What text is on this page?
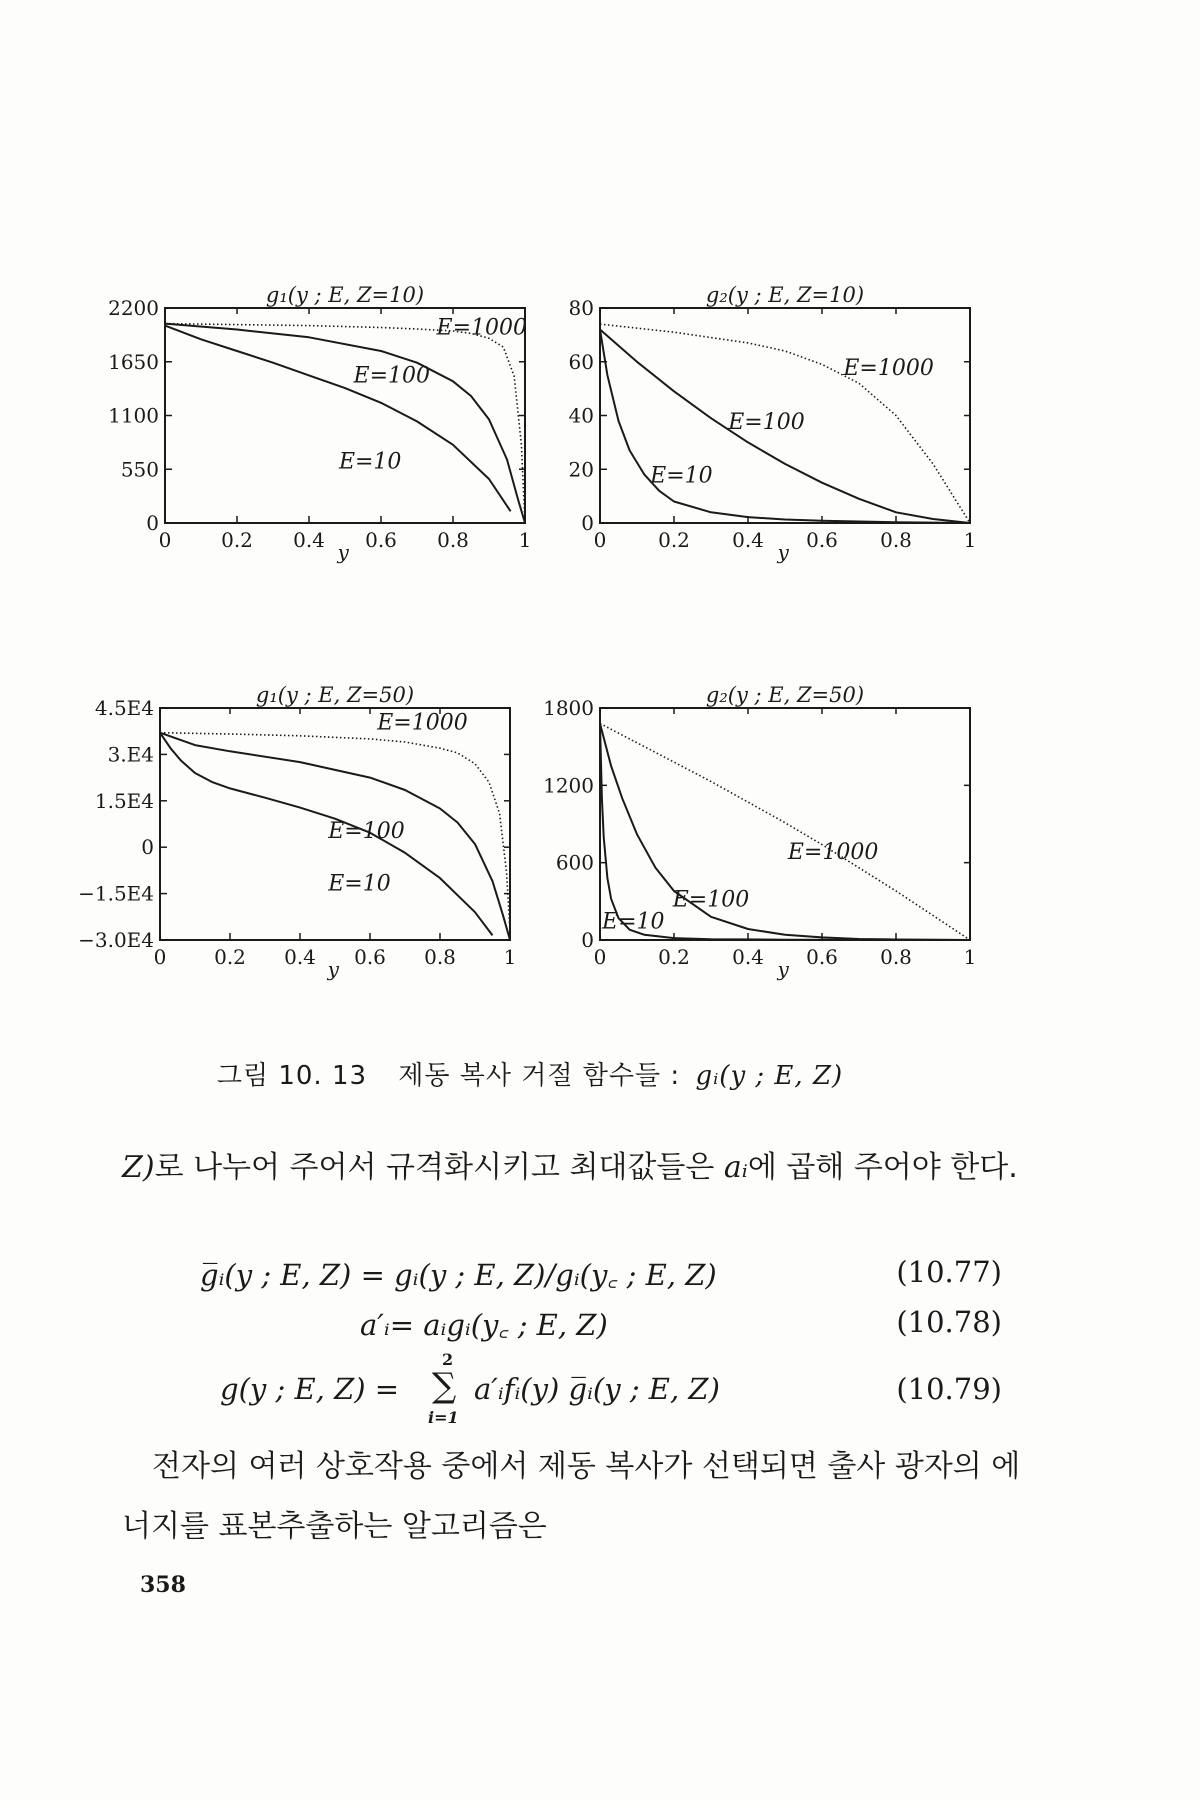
g₁(y ; E, Z=10)
0 0.2 0.4 0.6 0.8 1
y
0
550
1100
1650
2200
E=1000
E=100
E=10
g₂(y ; E, Z=10)
0	0.2 0.4 0.6 0.8	1
y
0
20
40
60
80
E=1000
E=100
E=10
g₁(y ; E, Z=50)
0 0.2 0.4 0.6 0.8 1
y
−3.0E4
−1.5E4
0
1.5E4
3.E4
4.5E4
E=1000
E=100
E=10
g₂(y ; E, Z=50)
0	0.2 0.4 0.6 0.8	1
y
0
600
1200
1800
E=1000
E=100
E=10
그림 10. 13 제동 복사 거절 함수들 : gᵢ(y ; E, Z)
Z)로 나누어 주어서 규격화시키고 최대값들은 aᵢ에 곱해 주어야 한다.
g̅ᵢ(y ; E, Z) = gᵢ(y ; E, Z)/gᵢ(y꜀ ; E, Z)	(10.77)
a′ᵢ= aᵢgᵢ(y꜀ ; E, Z)	(10.78)
g(y ; E, Z) =
2
∑
i=1
a′ᵢfᵢ(y) g̅ᵢ(y ; E, Z)	(10.79)
전자의 여러 상호작용 중에서 제동 복사가 선택되면 출사 광자의 에너지를 표본추출하는 알고리즘은
358
